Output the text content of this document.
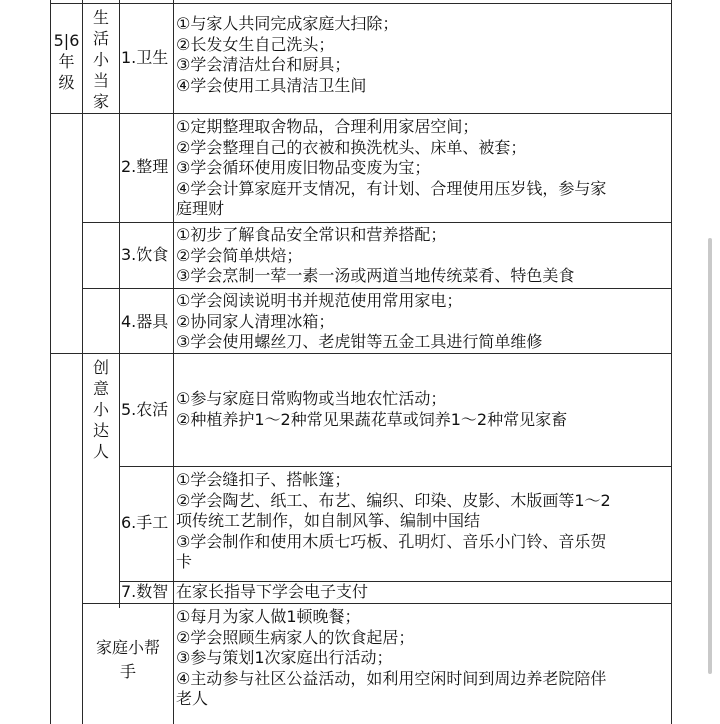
5|6
年
级
生
活
小
当
家
创
意
小
达
人
家庭小帮
手
1.卫生
2.整理
3.饮食
4.器具
5.农活
6.手工
7.数智
①与家人共同完成家庭大扫除；
②长发女生自己洗头；
③学会清洁灶台和厨具；
④学会使用工具清洁卫生间
①定期整理取舍物品，合理利用家居空间；
②学会整理自己的衣被和换洗枕头、床单、被套；
③学会循环使用废旧物品变废为宝；
④学会计算家庭开支情况，有计划、合理使用压岁钱，参与家
庭理财
①初步了解食品安全常识和营养搭配；
②学会简单烘焙；
③学会烹制一荤一素一汤或两道当地传统菜肴、特色美食
①学会阅读说明书并规范使用常用家电；
②协同家人清理冰箱；
③学会使用螺丝刀、老虎钳等五金工具进行简单维修
①参与家庭日常购物或当地农忙活动；
②种植养护1～2种常见果蔬花草或饲养1～2种常见家畜
①学会缝扣子、搭帐篷；
②学会陶艺、纸工、布艺、编织、印染、皮影、木版画等1～2
项传统工艺制作，如自制风筝、编制中国结
③学会制作和使用木质七巧板、孔明灯、音乐小门铃、音乐贺
卡
在家长指导下学会电子支付
①每月为家人做1顿晚餐；
②学会照顾生病家人的饮食起居；
③参与策划1次家庭出行活动；
④主动参与社区公益活动，如利用空闲时间到周边养老院陪伴
老人
